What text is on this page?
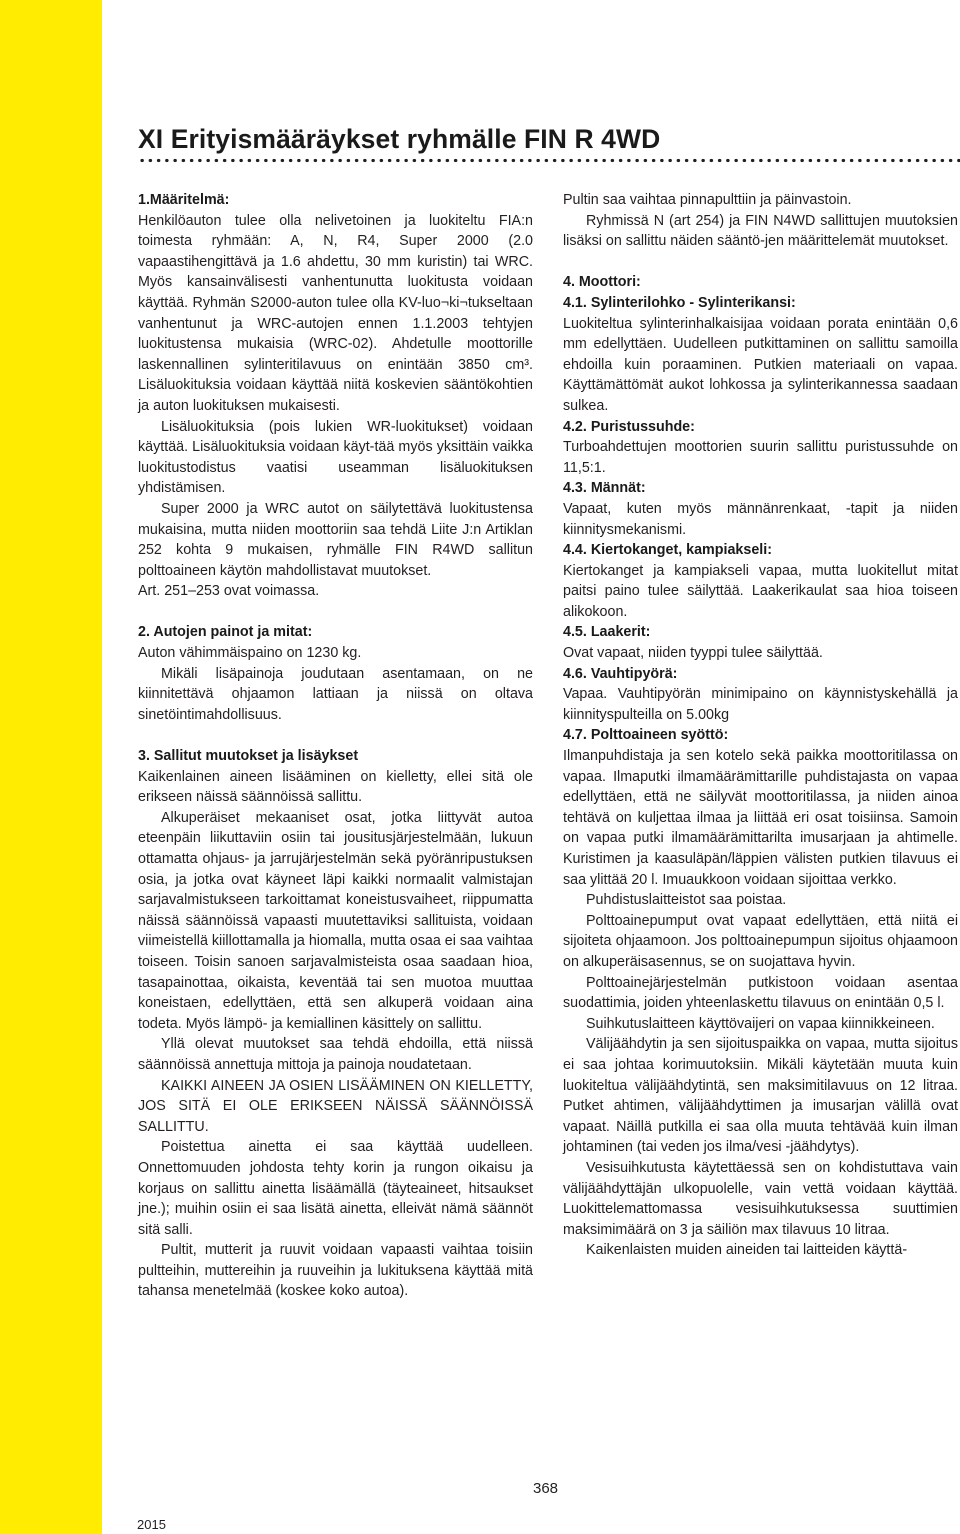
XI Erityismääräykset ryhmälle FIN R 4WD

1.Määritelmä:

Henkilöauton tulee olla nelivetoinen ja luokiteltu FIA:n toimesta ryhmään: A, N, R4, Super 2000 (2.0 vapaastihengittävä ja 1.6 ahdettu, 30 mm kuristin) tai WRC. Myös kansainvälisesti vanhentunutta luokitusta voidaan käyttää. Ryhmän S2000-auton tulee olla KV-luo¬ki¬tukseltaan vanhentunut ja WRC-autojen ennen 1.1.2003 tehtyjen luokitustensa mukaisia (WRC-02). Ahdetulle moottorille laskennallinen sylinteritilavuus on enintään 3850 cm³. Lisäluokituksia voidaan käyttää niitä koskevien sääntökohtien ja auton luokituksen mukaisesti.

Lisäluokituksia (pois lukien WR-luokitukset) voidaan käyttää. Lisäluokituksia voidaan käyt-tää myös yksittäin vaikka luokitustodistus vaatisi useamman lisäluokituksen yhdistämisen.

Super 2000 ja WRC autot on säilytettävä luokitustensa mukaisina, mutta niiden moottoriin saa tehdä Liite J:n Artiklan 252 kohta 9 mukaisen, ryhmälle FIN R4WD sallitun polttoaineen käytön mahdollistavat muutokset.

Art. 251–253 ovat voimassa.

2. Autojen painot ja mitat:

Auton vähimmäispaino on 1230 kg.

Mikäli lisäpainoja joudutaan asentamaan, on ne kiinnitettävä ohjaamon lattiaan ja niissä on oltava sinetöintimahdollisuus.

3. Sallitut muutokset ja lisäykset

Kaikenlainen aineen lisääminen on kielletty, ellei sitä ole erikseen näissä säännöissä sallittu.

Alkuperäiset mekaaniset osat, jotka liittyvät autoa eteenpäin liikuttaviin osiin tai jousitusjärjestelmään, lukuun ottamatta ohjaus- ja jarrujärjestelmän sekä pyöränripustuksen osia, ja jotka ovat käyneet läpi kaikki normaalit valmistajan sarjavalmistukseen tarkoittamat koneistusvaiheet, riippumatta näissä säännöissä vapaasti muutettaviksi sallituista, voidaan viimeistellä kiillottamalla ja hiomalla, mutta osaa ei saa vaihtaa toiseen. Toisin sanoen sarjavalmisteista osaa saadaan hioa, tasapainottaa, oikaista, keventää tai sen muotoa muuttaa koneistaen, edellyttäen, että sen alkuperä voidaan aina todeta. Myös lämpö- ja kemiallinen käsittely on sallittu.

Yllä olevat muutokset saa tehdä ehdoilla, että niissä säännöissä annettuja mittoja ja painoja noudatetaan.

KAIKKI AINEEN JA OSIEN LISÄÄMINEN ON KIELLETTY, JOS SITÄ EI OLE ERIKSEEN NÄISSÄ SÄÄNNÖISSÄ SALLITTU.

Poistettua ainetta ei saa käyttää uudelleen. Onnettomuuden johdosta tehty korin ja rungon oikaisu ja korjaus on sallittu ainetta lisäämällä (täyteaineet, hitsaukset jne.); muihin osiin ei saa lisätä ainetta, elleivät nämä säännöt sitä salli.

Pultit, mutterit ja ruuvit voidaan vapaasti vaihtaa toisiin pultteihin, muttereihin ja ruuveihin ja lukituksena käyttää mitä tahansa menetelmää (koskee koko autoa).

Pultin saa vaihtaa pinnapulttiin ja päinvastoin.

Ryhmissä N (art 254) ja FIN N4WD sallittujen muutoksien lisäksi on sallittu näiden sääntö-jen määrittelemät muutokset.

4. Moottori:

4.1. Sylinterilohko - Sylinterikansi:

Luokiteltua sylinterinhalkaisijaa voidaan porata enintään 0,6 mm edellyttäen. Uudelleen putkittaminen on sallittu samoilla ehdoilla kuin poraaminen. Putkien materiaali on vapaa. Käyttämättömät aukot lohkossa ja sylinterikannessa saadaan sulkea.

4.2. Puristussuhde:

Turboahdettujen moottorien suurin sallittu puristussuhde on 11,5:1.

4.3. Männät:

Vapaat, kuten myös männänrenkaat, -tapit ja niiden kiinnitysmekanismi.

4.4. Kiertokanget, kampiakseli:

Kiertokanget ja kampiakseli vapaa, mutta luokitellut mitat paitsi paino tulee säilyttää. Laakerikaulat saa hioa toiseen alikokoon.

4.5. Laakerit:

Ovat vapaat, niiden tyyppi tulee säilyttää.

4.6. Vauhtipyörä:

Vapaa. Vauhtipyörän minimipaino on käynnistyskehällä ja kiinnityspulteilla on 5.00kg

4.7. Polttoaineen syöttö:

Ilmanpuhdistaja ja sen kotelo sekä paikka moottoritilassa on vapaa. Ilmaputki ilmamäärämittarille puhdistajasta on vapaa edellyttäen, että ne säilyvät moottoritilassa, ja niiden ainoa tehtävä on kuljettaa ilmaa ja liittää eri osat toisiinsa. Samoin on vapaa putki ilmamäärämittarilta imusarjaan ja ahtimelle. Kuristimen ja kaasuläpän/läppien välisten putkien tilavuus ei saa ylittää 20 l. Imuaukkoon voidaan sijoittaa verkko.

Puhdistuslaitteistot saa poistaa.

Polttoainepumput ovat vapaat edellyttäen, että niitä ei sijoiteta ohjaamoon. Jos polttoainepumpun sijoitus ohjaamoon on alkuperäisasennus, se on suojattava hyvin.

Polttoainejärjestelmän putkistoon voidaan asentaa suodattimia, joiden yhteenlaskettu tilavuus on enintään 0,5 l.

Suihkutuslaitteen käyttövaijeri on vapaa kiinnikkeineen.

Välijäähdytin ja sen sijoituspaikka on vapaa, mutta sijoitus ei saa johtaa korimuutoksiin. Mikäli käytetään muuta kuin luokiteltua välijäähdytintä, sen maksimitilavuus on 12 litraa. Putket ahtimen, välijäähdyttimen ja imusarjan välillä ovat vapaat. Näillä putkilla ei saa olla muuta tehtävää kuin ilman johtaminen (tai veden jos ilma/vesi -jäähdytys).

Vesisuihkutusta käytettäessä sen on kohdistuttava vain välijäähdyttäjän ulkopuolelle, vain vettä voidaan käyttää. Luokittelemattomassa vesisuihkutuksessa suuttimien maksimimäärä on 3 ja säiliön max tilavuus 10 litraa.

Kaikenlaisten muiden aineiden tai laitteiden käyttä-

368
2015
